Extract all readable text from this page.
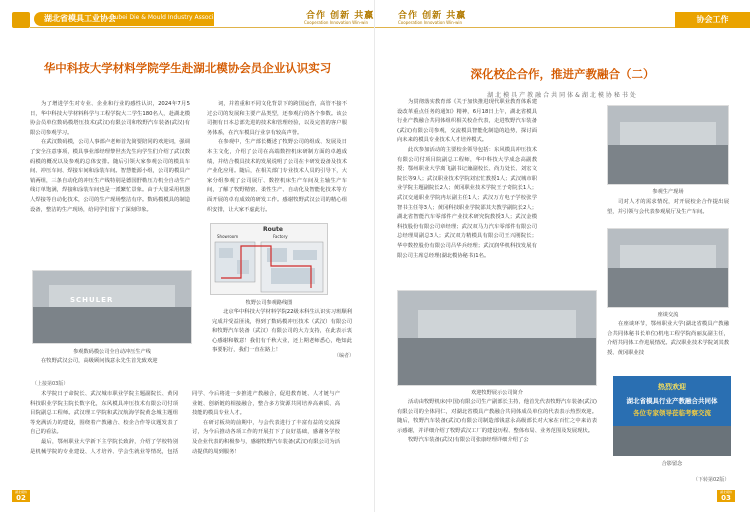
湖北省模具工业协会
Hubei Die & Mould Industry Association	合作 创新 共赢
Cooperation Innovation Win-win
华中科技大学材料学院学生赴湖北模协会员企业认识实习

为了增进学生对专业、企业和行业的感性认识，2024年7月5日，华中科技大学材料科学与工程学院大二学生180名人，赴湖北模协会员单位数码模塔压技术(武汉)有限公司和牧野汽车装备(武汉)有限公司参观学习。

在武汉数码模，公司人事部卢老师首先简要陪同的欢迎词，强调了安全注意事项，模具事业部经理黎世杰先生向学生们介绍了武汉数码模的概况以及参观的总体安排。随后引领大家参观公司的模具车间、冲压车间、焊接车间和涂装车间。智慧能源小组，公司的模具产销两组，三条自动化的冲压生产线特别是德国舒勒压力机全自动生产线订单饱满，焊接和涂装车间也是一派繁忙景象。由于大量采用机器人焊接等自动化技术，公司的生产现场整洁有序。数码模模具的制造设备，整洁的生产现场，给同学们留下了深刻印象。

SCHULER
参观数码模公司全自动冲压生产线

在牧野武汉公司，高级顾问钱意永先生首先致欢迎

（上接第03版）

词，并着重和不同文化背景下的跨国运营，高管不接不过公司的发展和主要产品类型，还参观行的各个参数。该公司拥有日本总部先进的技术和管理经验，以及完善的客户服务体系，在汽车模具行业享有较高声誉。

在参观中，生产部长概述了牧野公司的组成、发展及日本主文化，介绍了公司在高端数控机床研制方面的卓越成绩，并结合模具技术的发展说明了公司在卡研发设备及技术产业化应用。随后，在相关部门专业技术人员的引导下，大家分组参观了公司展厅、数控机床生产车间及主轴生产车间，了解了牧野精密、柔性生产、自动化及智能化技术等方面开展的卓有成效的研发工作。感谢牧野武汉公司的精心组织安排，让大家不虚此行。

Route
Showroom	Factory
牧野公司参观路线图

北京华中科技大学材料学院22级本科生认识实习班顺利完成并受益匪浅，得到了数码模冲压技术（武汉）有限公司和牧野汽车装备（武汉）有限公司的大力支持，在此表示衷心感谢和敬意！我们有千秋大业，还上期老师悉心，绝知此事要躬行，我们一直在路上！

（编者）

术学院日子命院长、武汉城市职业学院主题副院长、黄冈科技职业学院主院长数字化，东风模具冲压技术有限公司付项目院副总工程师。武汉理工学院和武汉航海学院黄念城主题组等充满活力的建设，围绕着产教融合、校企合作等议题发表了自己的看法。

最后，鄂州职业大学新下主学院长致辞，介绍了学校特别是机械学院的专业建设、人才培养、学会生就业等情况，包括同学、今后将进一步推进产教融合，促进教育链、人才链与产业链、创新链的相接融合，整合多方资源共同培养高素质、高技能的模具专业人才。

在研讨板块的前期中，与会代表进行了丰富有益的交流探讨，为今后推动各项工作的开展打下了良好基础，感谢各学校及企业代表的积极参与，感谢牧野汽车装备(武汉)有限公司为活动提供的周到服务！

湖北模协
02
合作 创新 共赢
Cooperation Innovation Win-win	协会工作
深化校企合作，推进产教融合（二）
湖北模具产教融合共同体&湖北模协秘书处

为贯彻落实教育部《关于加快推进现代职业教育体系建设改革重点任务的通知》精神，6月18日上午，湖北省模具行业产教融合共同体组织相关校企代表，走进牧野汽车装备(武汉)有限公司参观，交流模具智能化制造的趋势，探讨面向未来的模具专业技术人才培养模式。

此次参加活动的主要校企领导包括：东风模具冲压技术有限公司付项目院副总工程师，华中科技大学成念高副教授；鄂州职业大学离飞副书记兼副校长、尚力处长、刘宏文院长等9人；武汉职业技术学院刘宏忙教授1人；武汉城市职业学院主题副院长2人；黄冈职业技术学院王子奇院长1人；武汉交通职业学院冉坛副主任1人；武汉万方电子学校张学智书主任等3人；黄冈科技职业学院邵其夫教学副院长2人；湖北省智能汽车零部件产业技术研究院教授3人；武汉金模科技股份有限公司章经理；武汉双马力汽车零部件有限公司总经理周副总3人；武汉双力精模具有限公司王兴刚院长；华中数控股份有限公司吕华兵经理；武汉润华机科技发展有限公司主席总经理(湖北模协秘书)1名。

参观生产现场

司对人才的需求情况，对开展校企合作提出展望，并引领与会代表参观展厅及生产车间。

座谈交流
欢迎牧野展示公司简介

活动由牧野机床(中国)有限公司生产副部长主持，他首先代表牧野汽车装备(武汉)有限公司的全体同仁，对湖北省模具产教融合共同体成员单位的代表表示热烈欢迎。随后，牧野汽车装备(武汉)有限公司制造部钱意永高级部长对大家在百忙之中来访表示感谢，并详细介绍了牧野武汉工厂的建设历程、整体布局、业务范围及发展现状。

牧野汽车装备(武汉)有限公司张康经理详细介绍了公

在座谈环节，鄂州职业大学(湖北省模具产教融合共同体秘书长单位)机电工程学院尚丽友副主任，介绍共同体工作进展情况。武汉职业技术学院刘其教授、黄冈职业技

热烈欢迎
湖北省模具行业产教融合共同体
各位专家领导莅临考察交流
合影留念
（下转第02版）
湖北模协
03
